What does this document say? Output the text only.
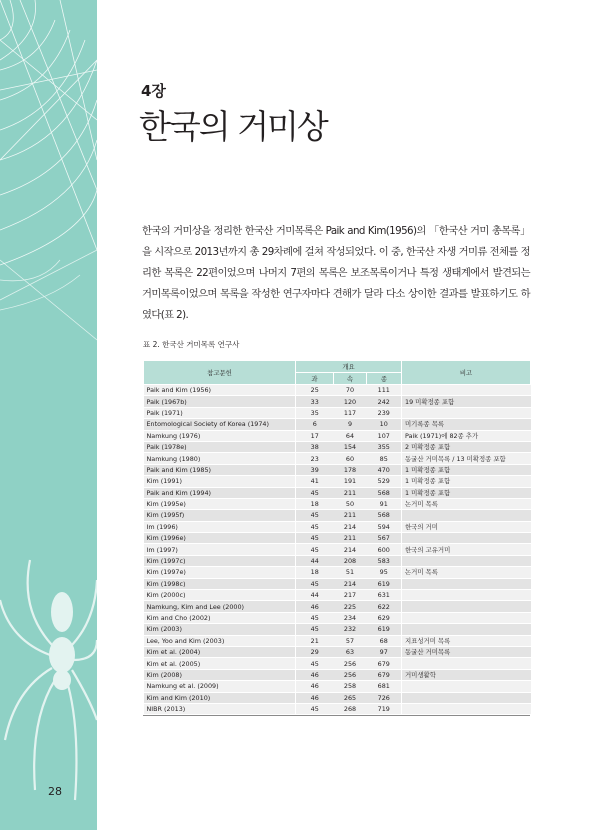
28
4장
한국의 거미상
한국의 거미상을 정리한 한국산 거미목록은 Paik and Kim(1956)의 「한국산 거미 총목록」을 시작으로 2013년까지 총 29차례에 걸쳐 작성되었다. 이 중, 한국산 자생 거미류 전체를 정리한 목록은 22편이었으며 나머지 7편의 목록은 보조목록이거나 특정 생태계에서 발견되는 거미목록이었으며 목록을 작성한 연구자마다 견해가 달라 다소 상이한 결과를 발표하기도 하였다(표 2).
표 2. 한국산 거미목록 연구사
참고문헌	개요			비고
	과	속	종	
Paik and Kim (1956)	25	70	111	
Paik (1967b)	33	120	242	19 미확정종 포함
Paik (1971)	35	117	239	
Entomological Society of Korea (1974)	6	9	10	미기록종 목록
Namkung (1976)	17	64	107	Paik (1971)에 82종 추가
Paik (1978e)	38	154	355	2 미확정종 포함
Namkung (1980)	23	60	85	동굴산 거미목록 / 13 미확정종 포함
Paik and Kim (1985)	39	178	470	1 미확정종 포함
Kim (1991)	41	191	529	1 미확정종 포함
Paik and Kim (1994)	45	211	568	1 미확정종 포함
Kim (1995e)	18	50	91	논거미 목록
Kim (1995f)	45	211	568	
Im (1996)	45	214	594	한국의 거미
Kim (1996e)	45	211	567	
Im (1997)	45	214	600	한국의 고유거미
Kim (1997c)	44	208	583	
Kim (1997e)	18	51	95	논거미 목록
Kim (1998c)	45	214	619	
Kim (2000c)	44	217	631	
Namkung, Kim and Lee (2000)	46	225	622	
Kim and Cho (2002)	45	234	629	
Kim (2003)	45	232	619	
Lee, Yoo and Kim (2003)	21	57	68	지표성거미 목록
Kim et al. (2004)	29	63	97	동굴산 거미목록
Kim et al. (2005)	45	256	679	
Kim (2008)	46	256	679	거미생활학
Namkung et al. (2009)	46	258	681	
Kim and Kim (2010)	46	265	726	
NIBR (2013)	45	268	719	
